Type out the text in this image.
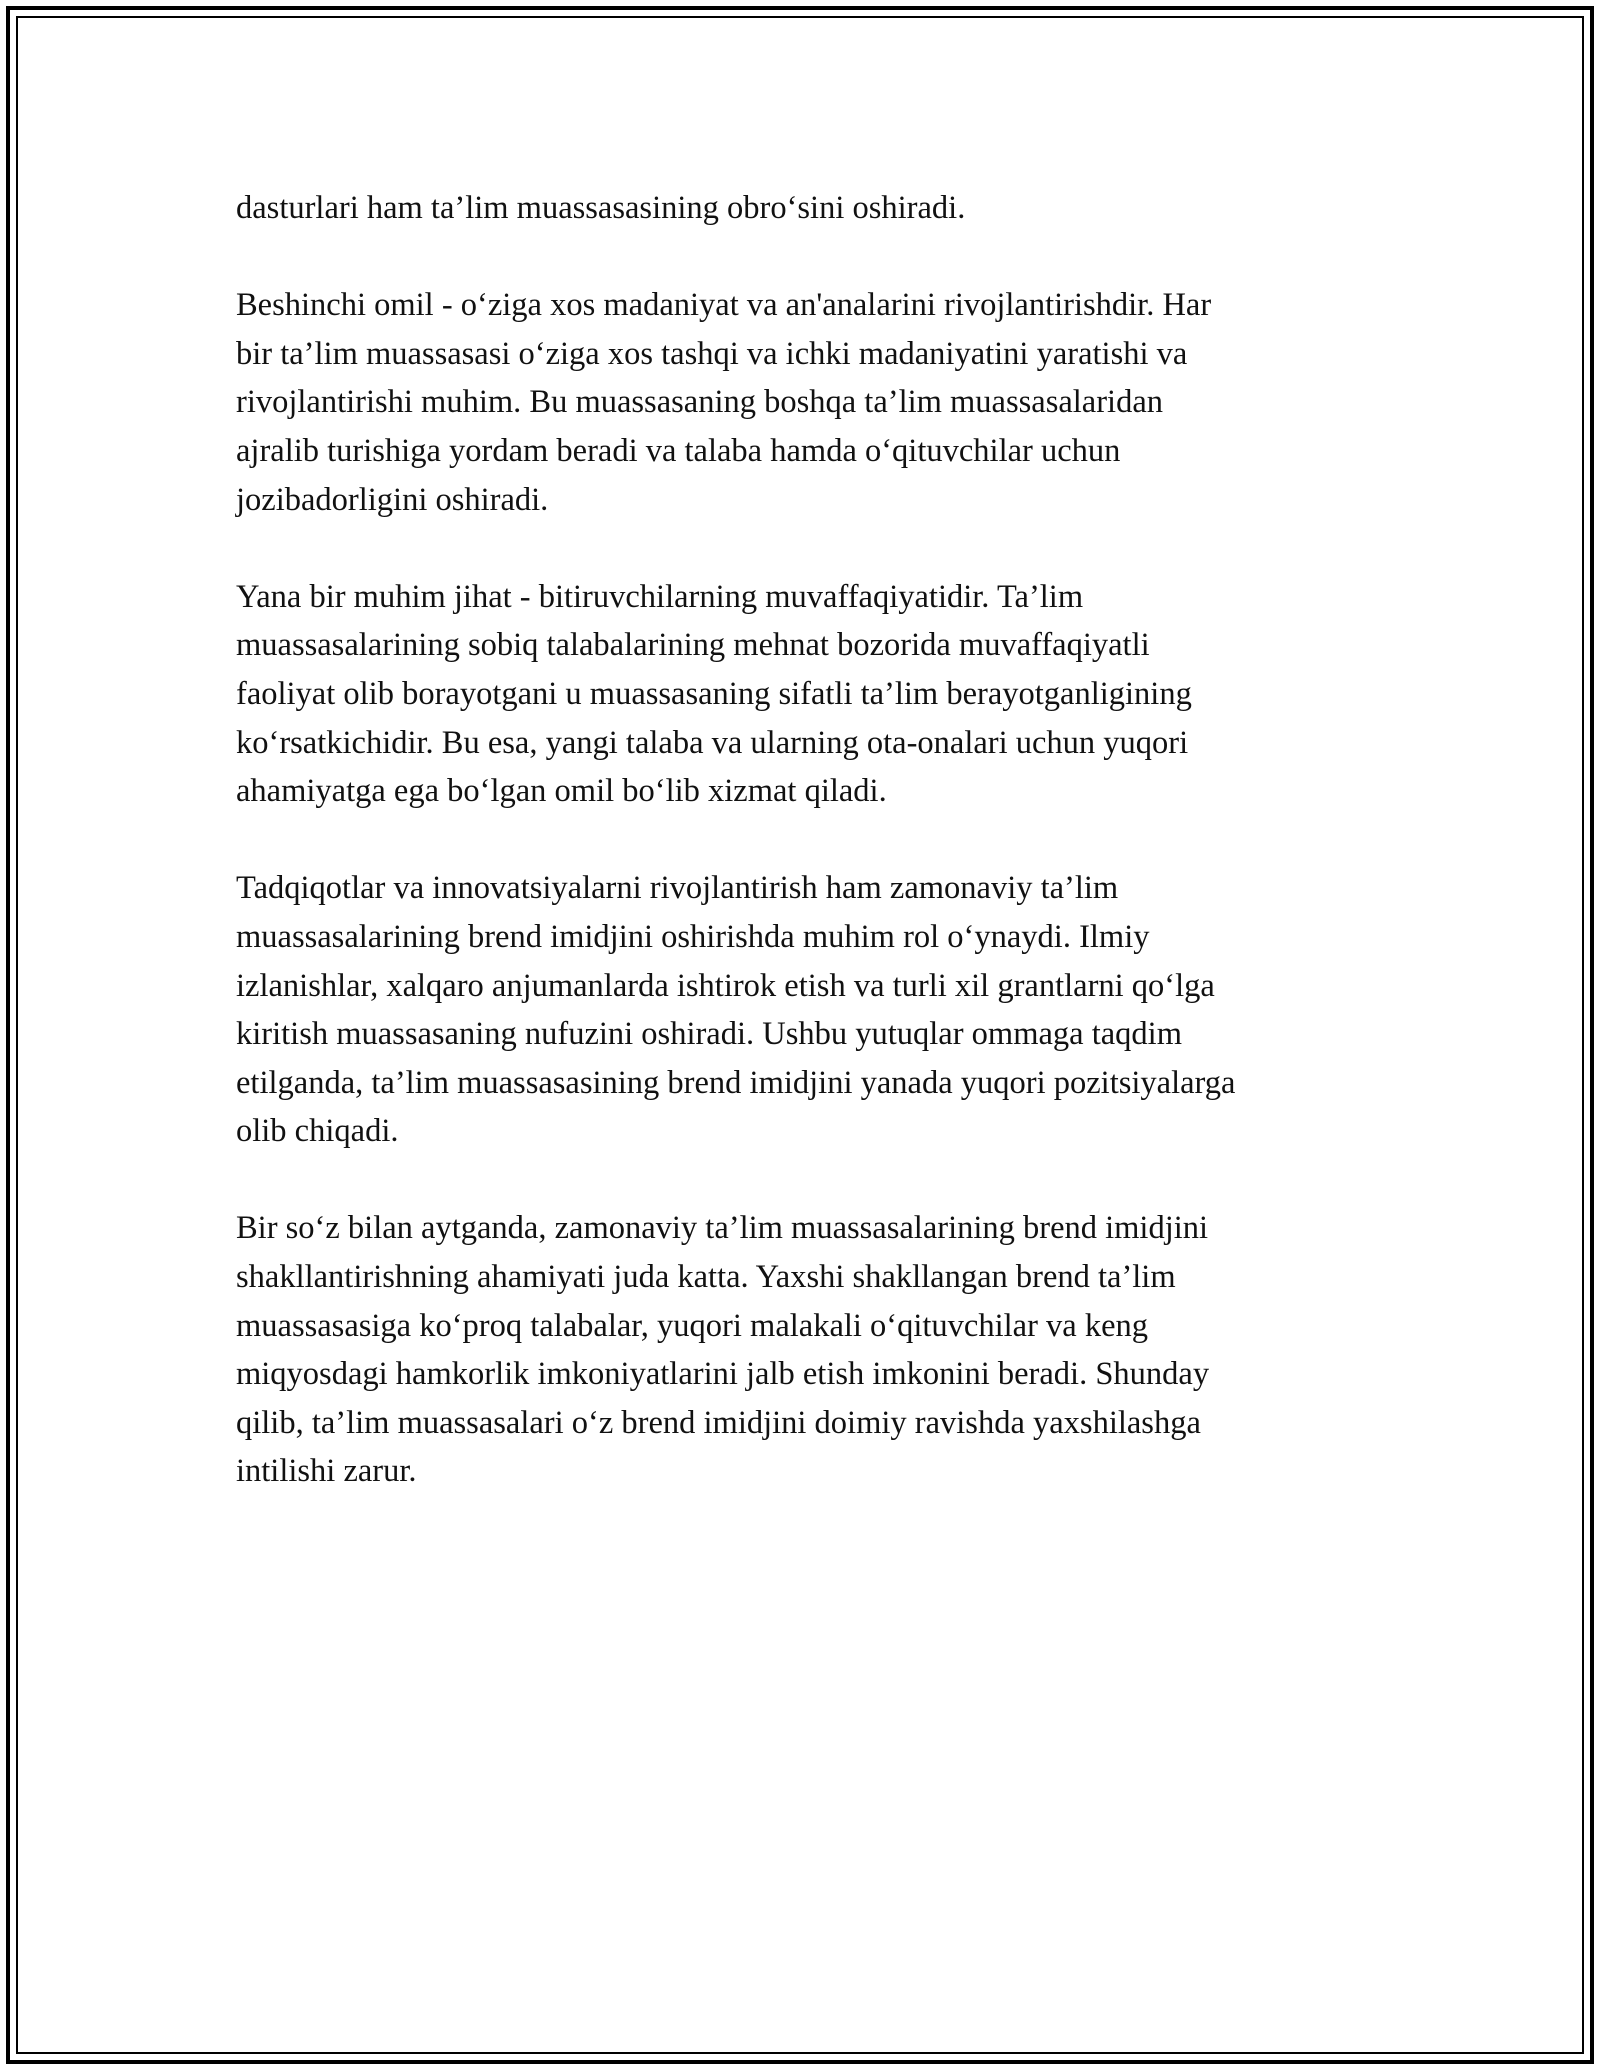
dasturlari ham ta’lim muassasasining obro‘sini oshiradi.
Beshinchi omil - o‘ziga xos madaniyat va an'analarini rivojlantirishdir. Har
bir ta’lim muassasasi o‘ziga xos tashqi va ichki madaniyatini yaratishi va
rivojlantirishi muhim. Bu muassasaning boshqa ta’lim muassasalaridan
ajralib turishiga yordam beradi va talaba hamda o‘qituvchilar uchun
jozibadorligini oshiradi.
Yana bir muhim jihat - bitiruvchilarning muvaffaqiyatidir. Ta’lim
muassasalarining sobiq talabalarining mehnat bozorida muvaffaqiyatli
faoliyat olib borayotgani u muassasaning sifatli ta’lim berayotganligining
ko‘rsatkichidir. Bu esa, yangi talaba va ularning ota-onalari uchun yuqori
ahamiyatga ega bo‘lgan omil bo‘lib xizmat qiladi.
Tadqiqotlar va innovatsiyalarni rivojlantirish ham zamonaviy ta’lim
muassasalarining brend imidjini oshirishda muhim rol o‘ynaydi. Ilmiy
izlanishlar, xalqaro anjumanlarda ishtirok etish va turli xil grantlarni qo‘lga
kiritish muassasaning nufuzini oshiradi. Ushbu yutuqlar ommaga taqdim
etilganda, ta’lim muassasasining brend imidjini yanada yuqori pozitsiyalarga
olib chiqadi.
Bir so‘z bilan aytganda, zamonaviy ta’lim muassasalarining brend imidjini
shakllantirishning ahamiyati juda katta. Yaxshi shakllangan brend ta’lim
muassasasiga ko‘proq talabalar, yuqori malakali o‘qituvchilar va keng
miqyosdagi hamkorlik imkoniyatlarini jalb etish imkonini beradi. Shunday
qilib, ta’lim muassasalari o‘z brend imidjini doimiy ravishda yaxshilashga
intilishi zarur.
